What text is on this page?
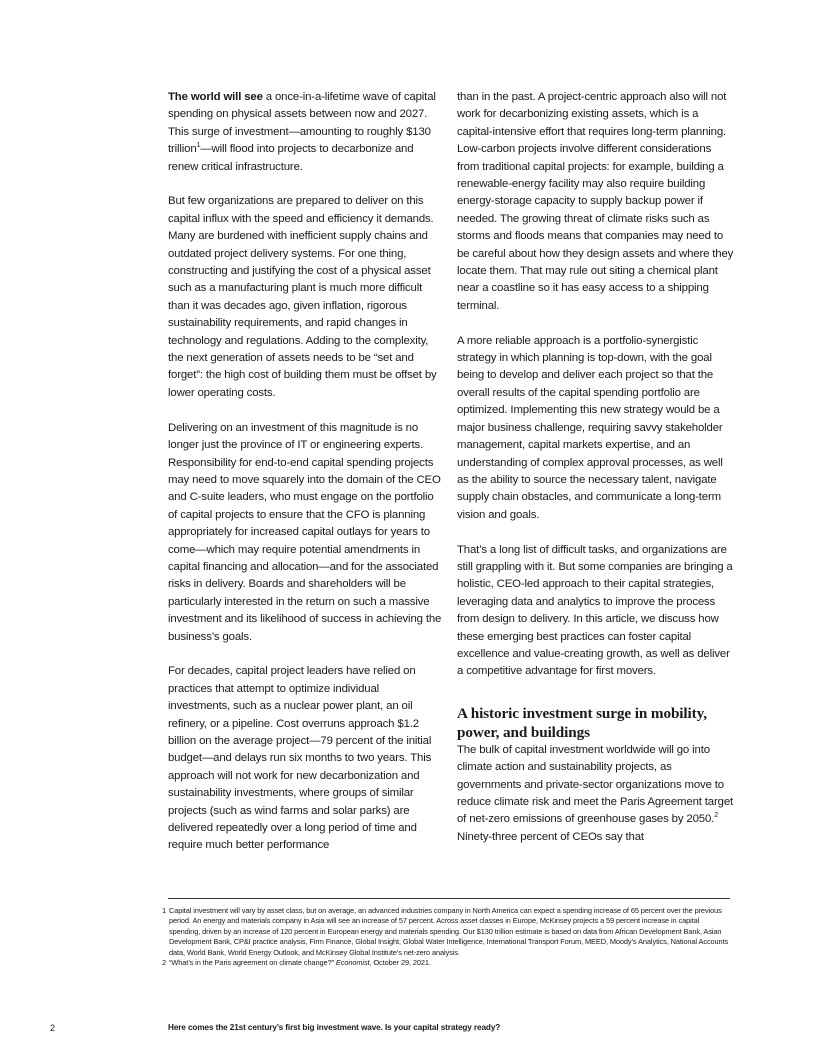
The world will see a once-in-a-lifetime wave of capital spending on physical assets between now and 2027. This surge of investment—amounting to roughly $130 trillion$^1$—will flood into projects to decarbonize and renew critical infrastructure.

But few organizations are prepared to deliver on this capital influx with the speed and efficiency it demands. Many are burdened with inefficient supply chains and outdated project delivery systems. For one thing, constructing and justifying the cost of a physical asset such as a manufacturing plant is much more difficult than it was decades ago, given inflation, rigorous sustainability requirements, and rapid changes in technology and regulations. Adding to the complexity, the next generation of assets needs to be “set and forget”: the high cost of building them must be offset by lower operating costs.

Delivering on an investment of this magnitude is no longer just the province of IT or engineering experts. Responsibility for end-to-end capital spending projects may need to move squarely into the domain of the CEO and C-suite leaders, who must engage on the portfolio of capital projects to ensure that the CFO is planning appropriately for increased capital outlays for years to come—which may require potential amendments in capital financing and allocation—and for the associated risks in delivery. Boards and shareholders will be particularly interested in the return on such a massive investment and its likelihood of success in achieving the business’s goals.

For decades, capital project leaders have relied on practices that attempt to optimize individual investments, such as a nuclear power plant, an oil refinery, or a pipeline. Cost overruns approach $1.2 billion on the average project—79 percent of the initial budget—and delays run six months to two years. This approach will not work for new decarbonization and sustainability investments, where groups of similar projects (such as wind farms and solar parks) are delivered repeatedly over a long period of time and require much better performance

than in the past. A project-centric approach also will not work for decarbonizing existing assets, which is a capital-intensive effort that requires long-term planning. Low-carbon projects involve different considerations from traditional capital projects: for example, building a renewable-energy facility may also require building energy-storage capacity to supply backup power if needed. The growing threat of climate risks such as storms and floods means that companies may need to be careful about how they design assets and where they locate them. That may rule out siting a chemical plant near a coastline so it has easy access to a shipping terminal.

A more reliable approach is a portfolio-synergistic strategy in which planning is top-down, with the goal being to develop and deliver each project so that the overall results of the capital spending portfolio are optimized. Implementing this new strategy would be a major business challenge, requiring savvy stakeholder management, capital markets expertise, and an understanding of complex approval processes, as well as the ability to source the necessary talent, navigate supply chain obstacles, and communicate a long-term vision and goals.

That’s a long list of difficult tasks, and organizations are still grappling with it. But some companies are bringing a holistic, CEO-led approach to their capital strategies, leveraging data and analytics to improve the process from design to delivery. In this article, we discuss how these emerging best practices can foster capital excellence and value-creating growth, as well as deliver a competitive advantage for first movers.

A historic investment surge in mobility, power, and buildings

The bulk of capital investment worldwide will go into climate action and sustainability projects, as governments and private-sector organizations move to reduce climate risk and meet the Paris Agreement target of net-zero emissions of greenhouse gases by 2050.$^2$ Ninety-three percent of CEOs say that

1 Capital investment will vary by asset class, but on average, an advanced industries company in North America can expect a spending increase of 65 percent over the previous period. An energy and materials company in Asia will see an increase of 57 percent. Across asset classes in Europe, McKinsey projects a 59 percent increase in capital spending, driven by an increase of 120 percent in European energy and materials spending. Our $130 trillion estimate is based on data from African Development Bank, Asian Development Bank, CP&I practice analysis, Firm Finance, Global Insight, Global Water Intelligence, International Transport Forum, MEED, Moody’s Analytics, National Accounts data, World Bank, World Energy Outlook, and McKinsey Global Institute’s net-zero analysis.
2 “What’s in the Paris agreement on climate change?” Economist, October 29, 2021.
2	Here comes the 21st century’s first big investment wave. Is your capital strategy ready?
